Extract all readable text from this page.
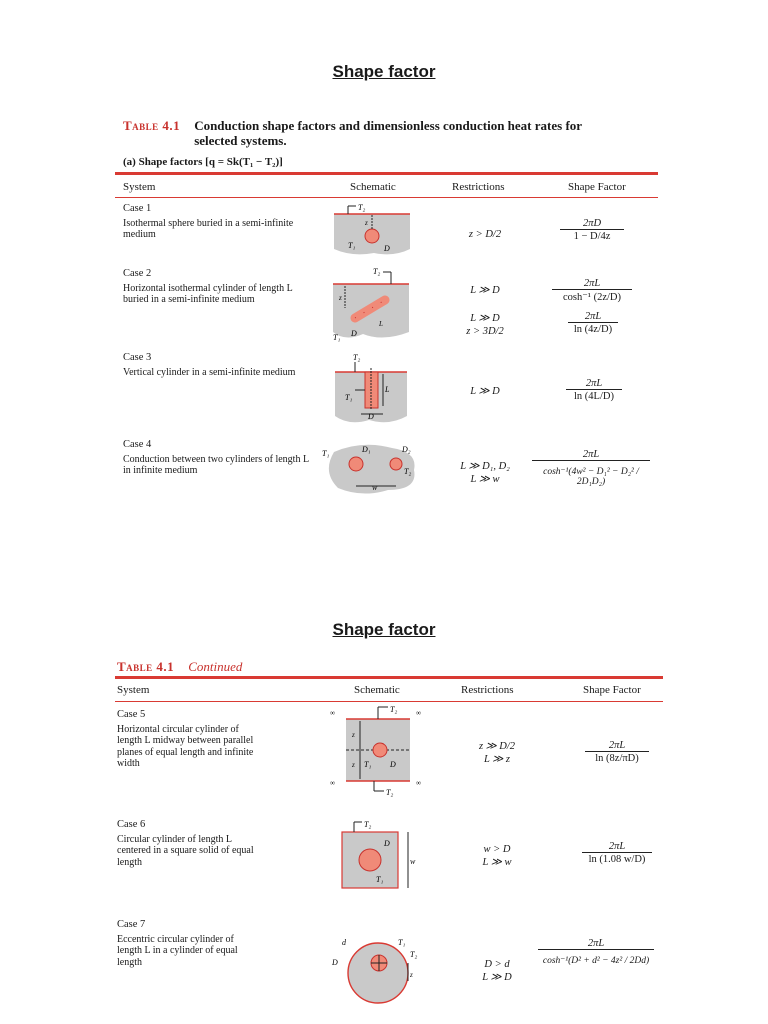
Shape factor
Table 4.1 Conduction shape factors and dimensionless conduction heat rates for selected systems.
(a) Shape factors [q = Sk(T₁ − T₂)]
System	Schematic	Restrictions	Shape Factor
Case 1
Isothermal sphere buried in a semi-infinite medium
T₂
z
T₁	D
z > D/2	$\frac{2\pi D}{1 - D/4z}$
Case 2
Horizontal isothermal cylinder of length L buried in a semi-infinite medium
T₂
z
T₁ D
L
L ≫ D	$\frac{2\pi L}{\text{cosh⁻¹ (2z/D)}}$
L ≫ D
z > 3D/2	$\frac{2\pi L}{\ln (4z/D)}$
Case 3
Vertical cylinder in a semi-infinite medium
T₂
L
T₁
D
L ≫ D	$\frac{2\pi L}{\ln (4L/D)}$
Case 4
Conduction between two cylinders of length L in infinite medium
T₁	D₁	D₂
T₂
w
L ≫ D₁, D₂
L ≫ w	$\frac{2\pi L}{\text{cosh⁻¹(4w² − D₁² − D₂² / 2D₁D₂)}}$
Shape factor
Table 4.1 Continued
System	Schematic	Restrictions	Shape Factor
Case 5
Horizontal circular cylinder of length L midway between parallel planes of equal length and infinite width
T₂
z
z T₁ D
∞	∞
∞	∞
T₂
z ≫ D/2
L ≫ z	$\frac{2\pi L}{\ln (8z/\pi D)}$
Case 6
Circular cylinder of length L centered in a square solid of equal length
T₂
D
T₁
w
w > D
L ≫ w	$\frac{2\pi L}{\ln (1.08 w/D)}$
Case 7
Eccentric circular cylinder of length L in a cylinder of equal length
d
D
T₁
T₂
z
D > d
L ≫ D
$\frac{2\pi L}{\text{cosh⁻¹(D² + d² − 4z² / 2Dd)}}$
